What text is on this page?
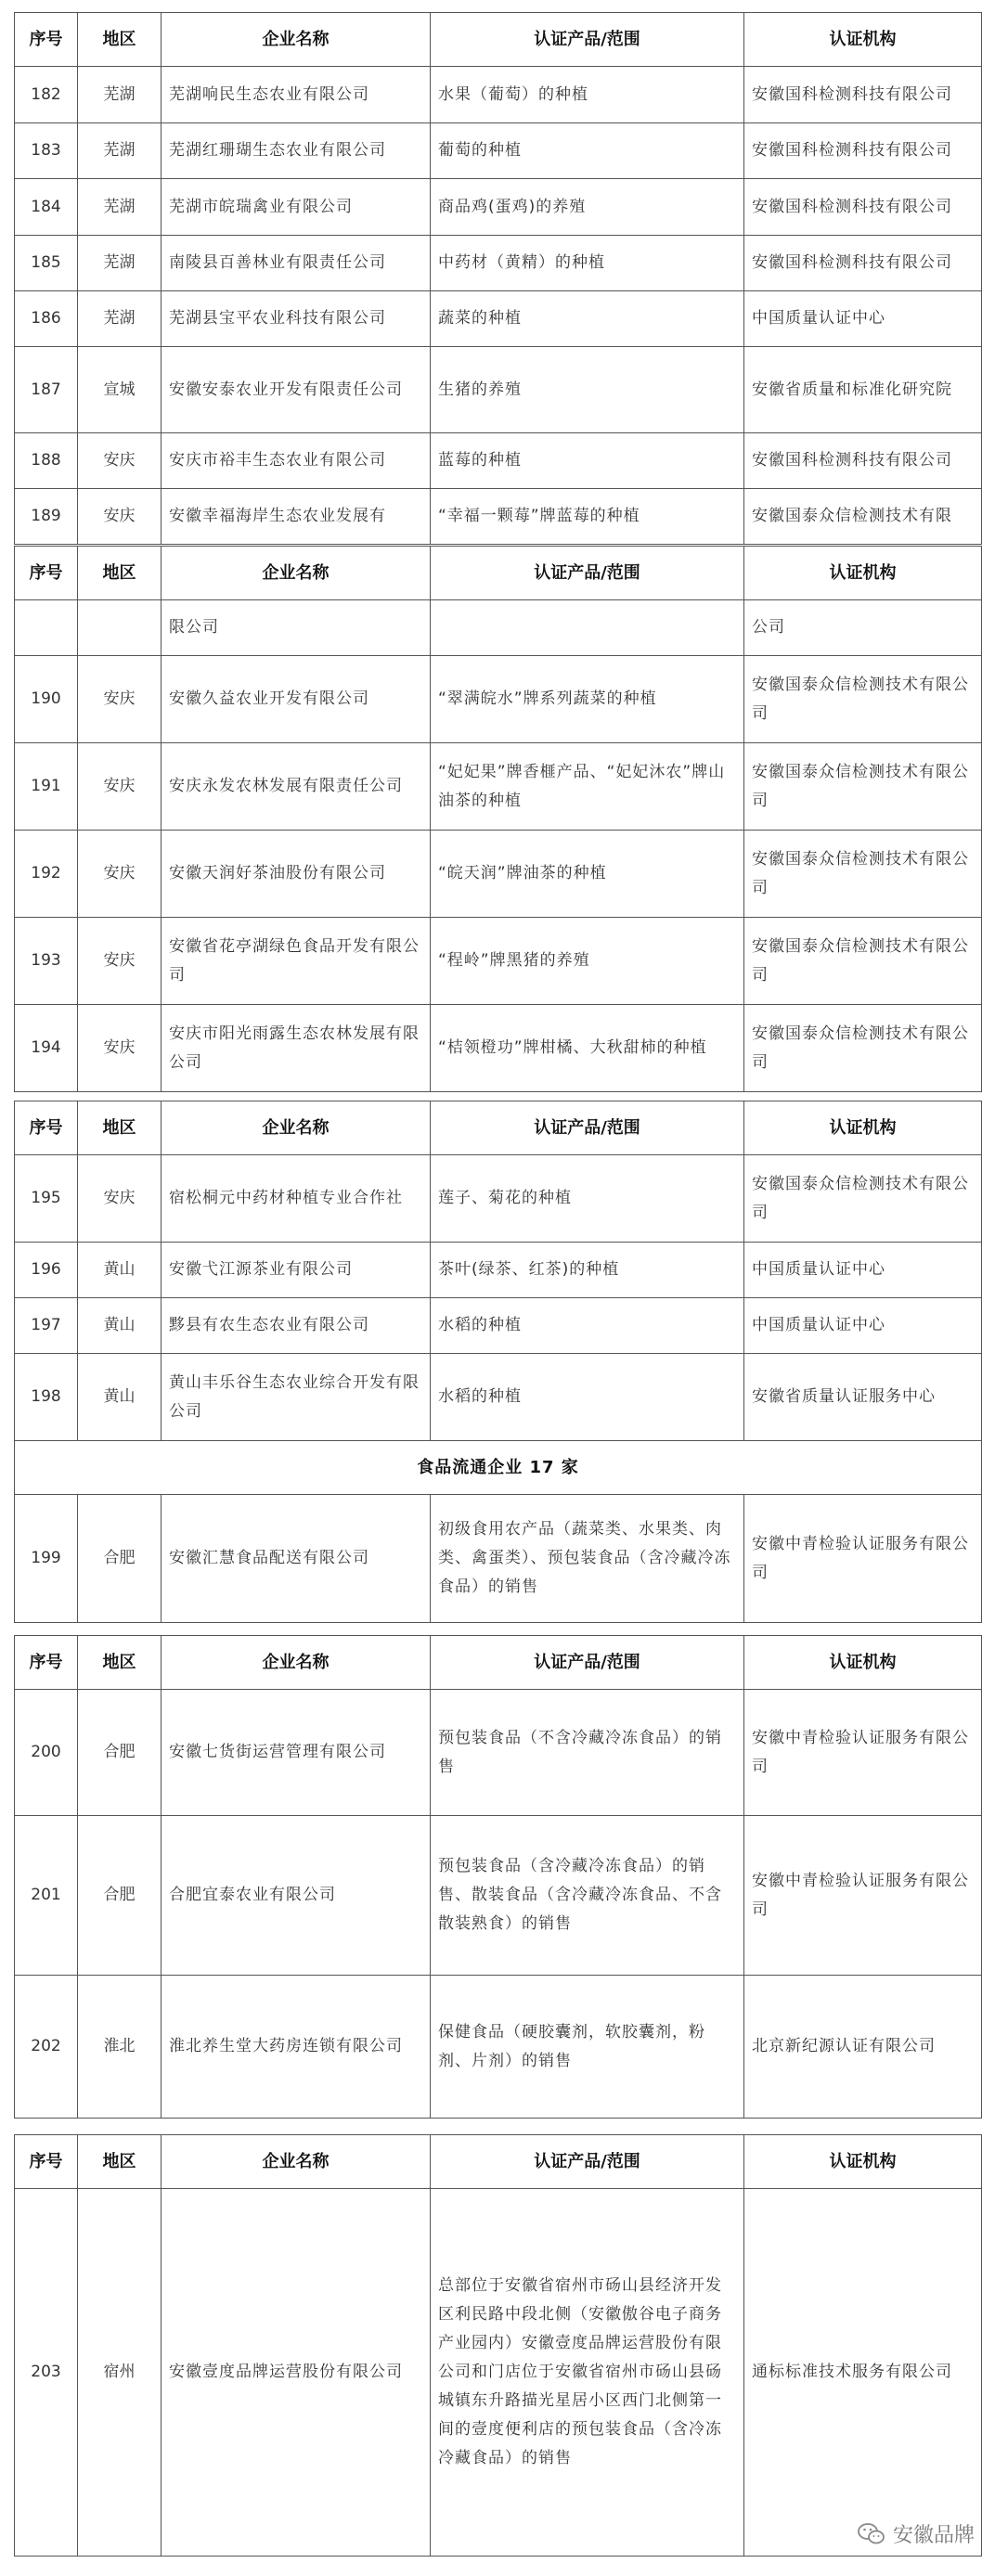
序号	地区	企业名称	认证产品/范围	认证机构
182	芜湖	芜湖响民生态农业有限公司	水果（葡萄）的种植	安徽国科检测科技有限公司
183	芜湖	芜湖红珊瑚生态农业有限公司	葡萄的种植	安徽国科检测科技有限公司
184	芜湖	芜湖市皖瑞禽业有限公司	商品鸡(蛋鸡)的养殖	安徽国科检测科技有限公司
185	芜湖	南陵县百善林业有限责任公司	中药材（黄精）的种植	安徽国科检测科技有限公司
186	芜湖	芜湖县宝平农业科技有限公司	蔬菜的种植	中国质量认证中心
187	宣城	安徽安泰农业开发有限责任公司	生猪的养殖	安徽省质量和标准化研究院
188	安庆	安庆市裕丰生态农业有限公司	蓝莓的种植	安徽国科检测科技有限公司
189	安庆	安徽幸福海岸生态农业发展有	“幸福一颗莓”牌蓝莓的种植	安徽国泰众信检测技术有限
序号	地区	企业名称	认证产品/范围	认证机构
		限公司		公司
190	安庆	安徽久益农业开发有限公司	“翠满皖水”牌系列蔬菜的种植	安徽国泰众信检测技术有限公司
191	安庆	安庆永发农林发展有限责任公司	“妃妃果”牌香榧产品、“妃妃沐农”牌山油茶的种植	安徽国泰众信检测技术有限公司
192	安庆	安徽天润好茶油股份有限公司	“皖天润”牌油茶的种植	安徽国泰众信检测技术有限公司
193	安庆	安徽省花亭湖绿色食品开发有限公司	“程岭”牌黑猪的养殖	安徽国泰众信检测技术有限公司
194	安庆	安庆市阳光雨露生态农林发展有限公司	“桔领橙功”牌柑橘、大秋甜柿的种植	安徽国泰众信检测技术有限公司
序号	地区	企业名称	认证产品/范围	认证机构
195	安庆	宿松桐元中药材种植专业合作社	莲子、菊花的种植	安徽国泰众信检测技术有限公司
196	黄山	安徽弋江源茶业有限公司	茶叶(绿茶、红茶)的种植	中国质量认证中心
197	黄山	黟县有农生态农业有限公司	水稻的种植	中国质量认证中心
198	黄山	黄山丰乐谷生态农业综合开发有限公司	水稻的种植	安徽省质量认证服务中心
食品流通企业 17 家				
199	合肥	安徽汇慧食品配送有限公司	初级食用农产品（蔬菜类、水果类、肉类、禽蛋类）、预包装食品（含冷藏冷冻食品）的销售	安徽中青检验认证服务有限公司
序号	地区	企业名称	认证产品/范围	认证机构
200	合肥	安徽七货街运营管理有限公司	预包装食品（不含冷藏冷冻食品）的销售	安徽中青检验认证服务有限公司
201	合肥	合肥宜泰农业有限公司	预包装食品（含冷藏冷冻食品）的销售、散装食品（含冷藏冷冻食品、不含散装熟食）的销售	安徽中青检验认证服务有限公司
202	淮北	淮北养生堂大药房连锁有限公司	保健食品（硬胶囊剂，软胶囊剂，粉剂、片剂）的销售	北京新纪源认证有限公司
序号	地区	企业名称	认证产品/范围	认证机构
203	宿州	安徽壹度品牌运营股份有限公司	总部位于安徽省宿州市砀山县经济开发区利民路中段北侧（安徽傲谷电子商务产业园内）安徽壹度品牌运营股份有限公司和门店位于安徽省宿州市砀山县砀城镇东升路描光星居小区西门北侧第一间的壹度便利店的预包装食品（含冷冻冷藏食品）的销售	通标标准技术服务有限公司
安徽品牌
